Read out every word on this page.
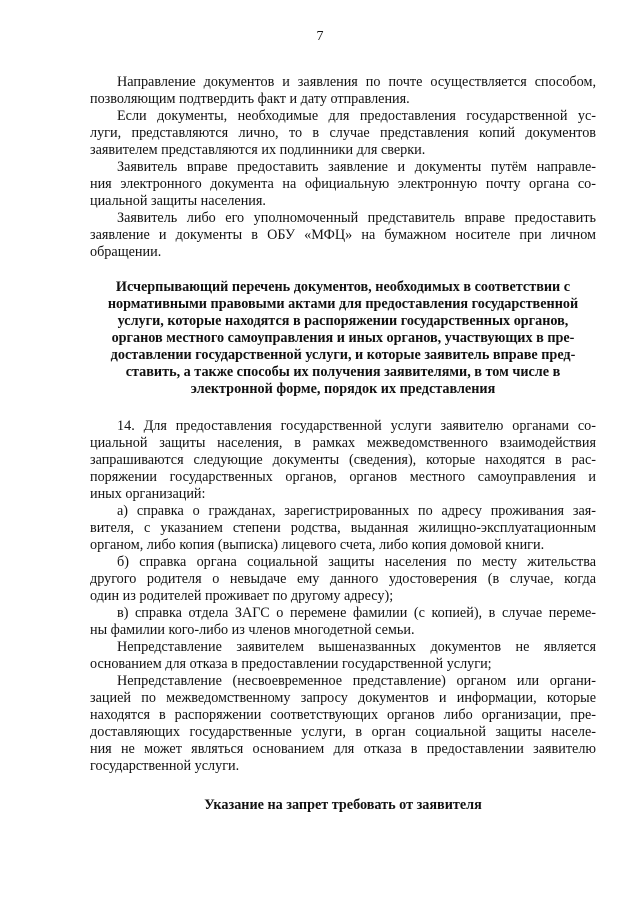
7
Направление документов и заявления по почте осуществляется способом,
позволяющим подтвердить факт и дату отправления.
Если документы, необходимые для предоставления государственной ус-
луги, представляются лично, то в случае представления копий документов
заявителем представляются их подлинники для сверки.
Заявитель вправе предоставить заявление и документы путём направле-
ния электронного документа на официальную электронную почту органа со-
циальной защиты населения.
Заявитель либо его уполномоченный представитель вправе предоставить
заявление и документы в ОБУ «МФЦ» на бумажном носителе при личном
обращении.
Исчерпывающий перечень документов, необходимых в соответствии с
нормативными правовыми актами для предоставления государственной
услуги, которые находятся в распоряжении государственных органов,
органов местного самоуправления и иных органов, участвующих в пре-
доставлении государственной услуги, и которые заявитель вправе пред-
ставить, а также способы их получения заявителями, в том числе в
электронной форме, порядок их представления
14. Для предоставления государственной услуги заявителю органами со-
циальной защиты населения, в рамках межведомственного взаимодействия
запрашиваются следующие документы (сведения), которые находятся в рас-
поряжении государственных органов, органов местного самоуправления и
иных организаций:
а) справка о гражданах, зарегистрированных по адресу проживания зая-
вителя, с указанием степени родства, выданная жилищно-эксплуатационным
органом, либо копия (выписка) лицевого счета, либо копия домовой книги.
б) справка органа социальной защиты населения по месту жительства
другого родителя о невыдаче ему данного удостоверения (в случае, когда
один из родителей проживает по другому адресу);
в) справка отдела ЗАГС о перемене фамилии (с копией), в случае переме-
ны фамилии кого-либо из членов многодетной семьи.
Непредставление заявителем вышеназванных документов не является
основанием для отказа в предоставлении государственной услуги;
Непредставление (несвоевременное представление) органом или органи-
зацией по межведомственному запросу документов и информации, которые
находятся в распоряжении соответствующих органов либо организации, пре-
доставляющих государственные услуги, в орган социальной защиты населе-
ния не может являться основанием для отказа в предоставлении заявителю
государственной услуги.
Указание на запрет требовать от заявителя
